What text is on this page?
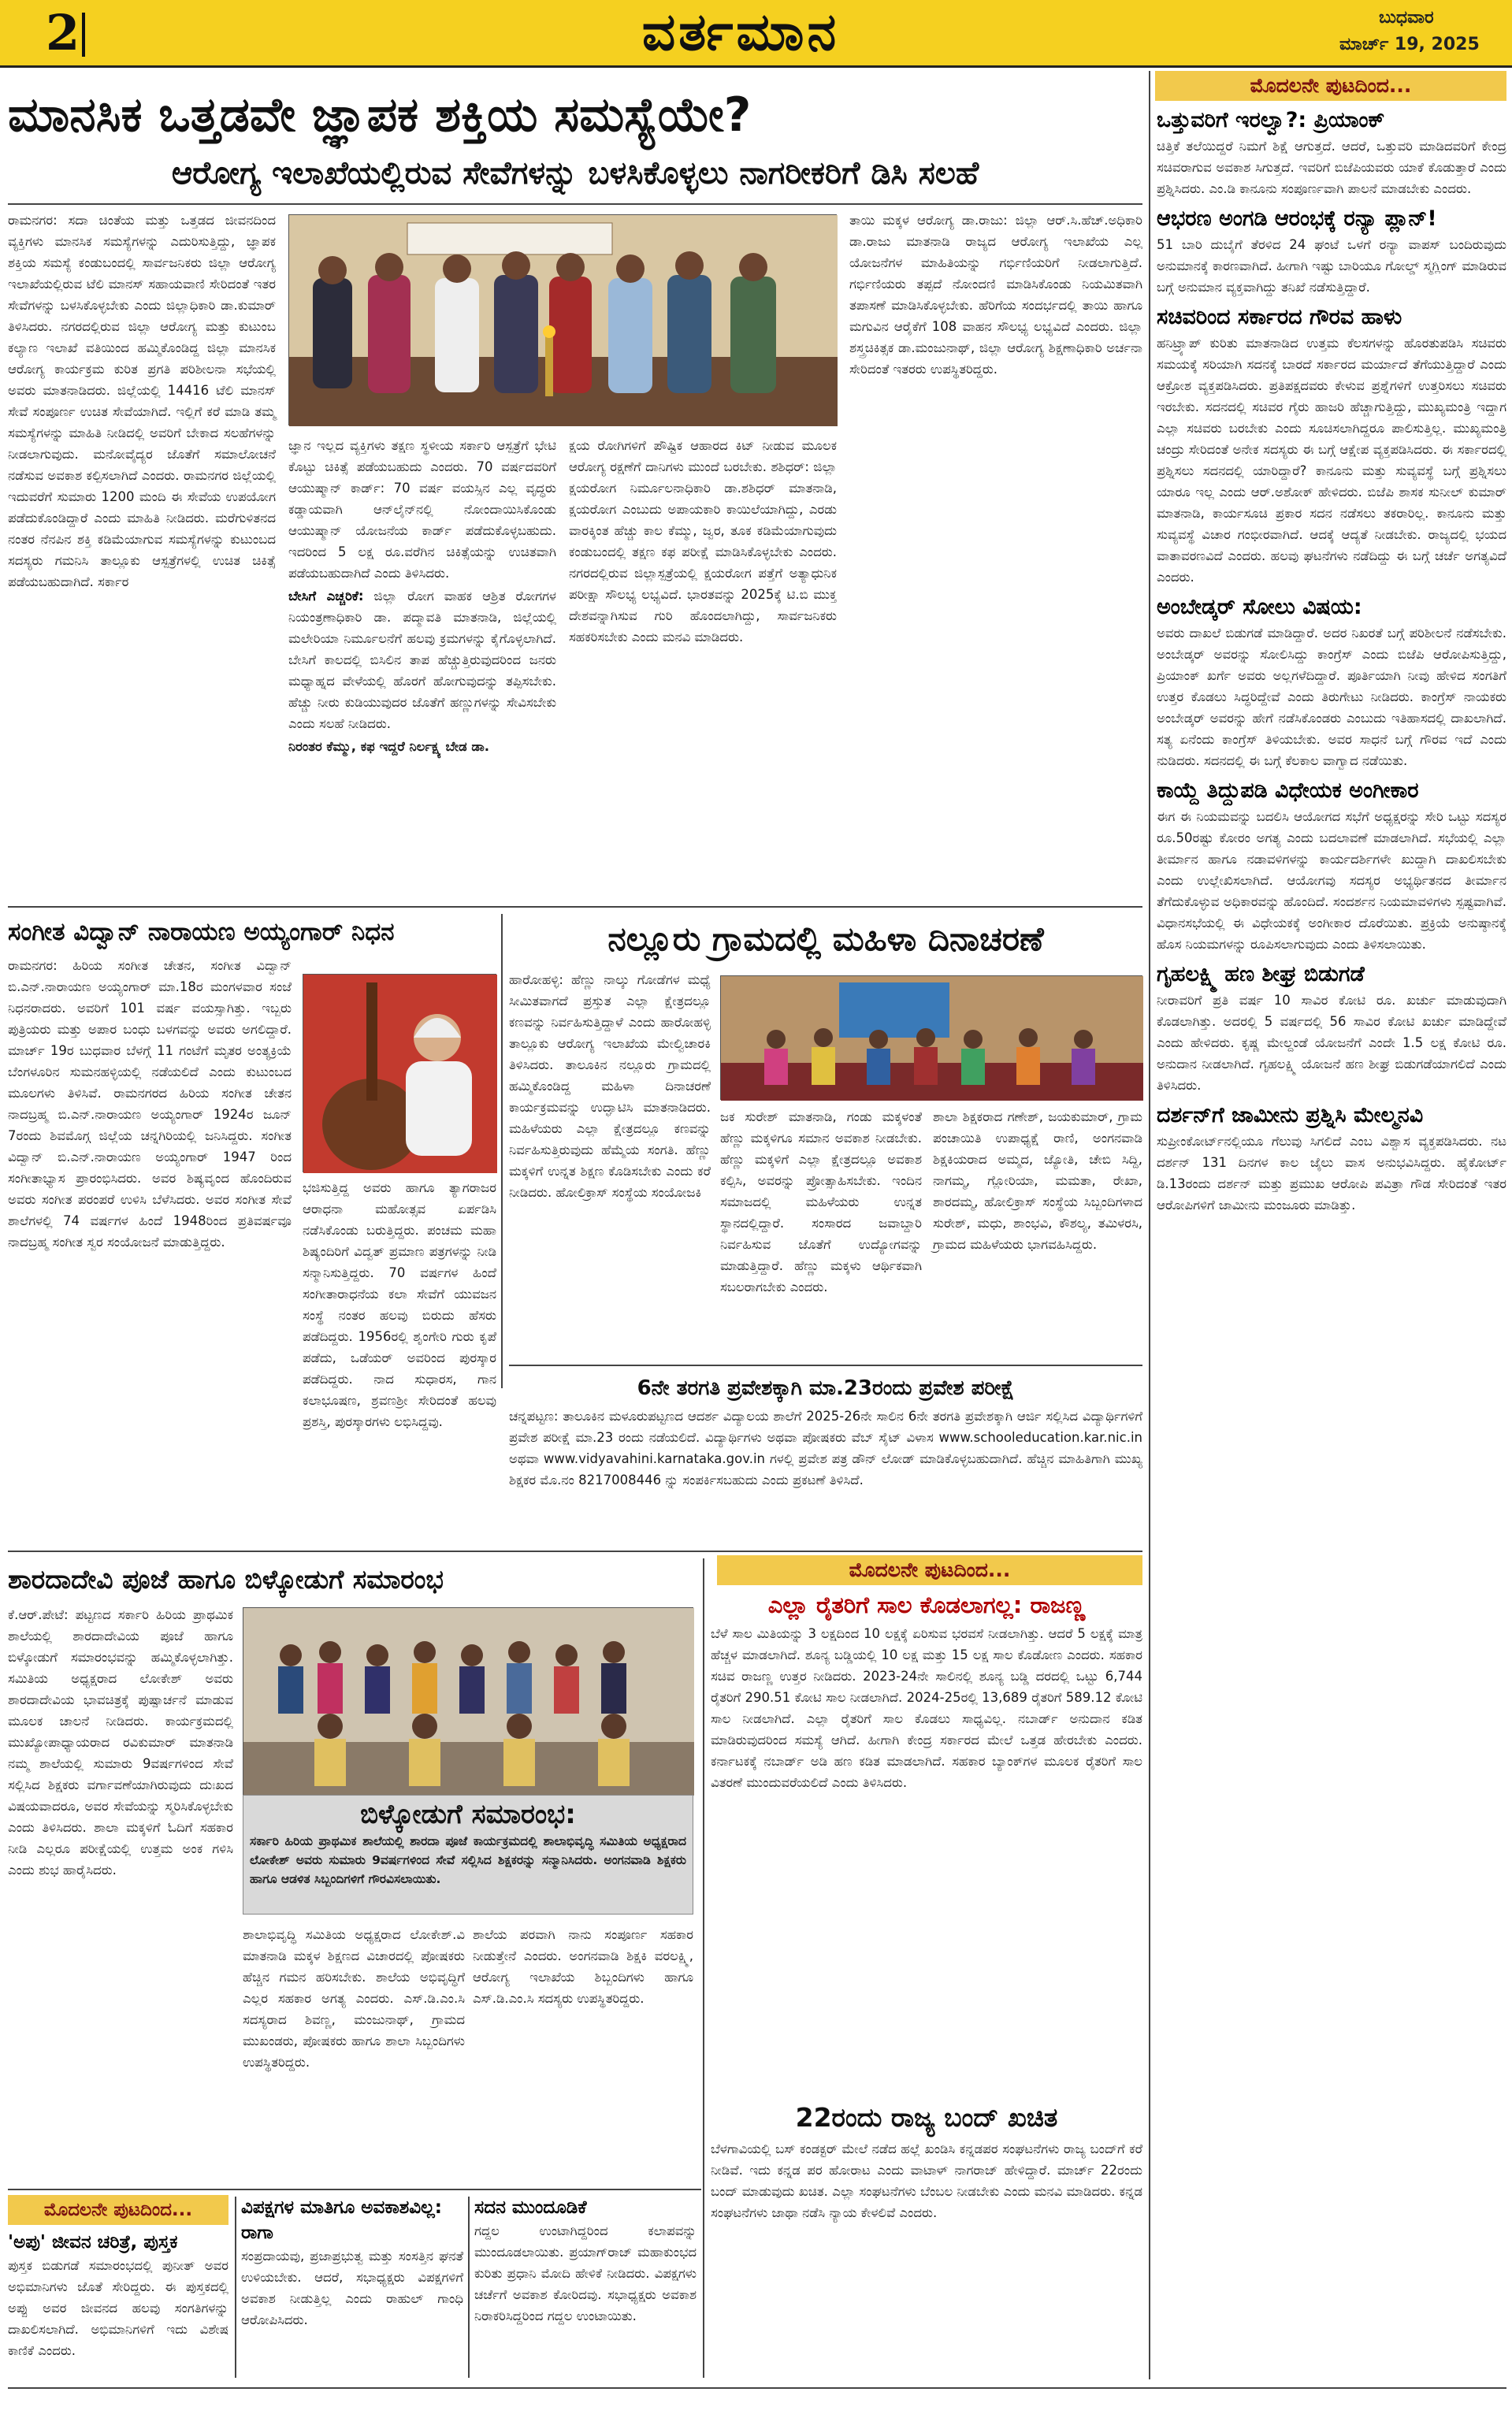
2	ವರ್ತಮಾನ	ಬುಧವಾರ
ಮಾರ್ಚ್ 19, 2025
ಮಾನಸಿಕ ಒತ್ತಡವೇ ಜ್ಞಾಪಕ ಶಕ್ತಿಯ ಸಮಸ್ಯೆಯೇ?
ಆರೋಗ್ಯ ಇಲಾಖೆಯಲ್ಲಿರುವ ಸೇವೆಗಳನ್ನು ಬಳಸಿಕೊಳ್ಳಲು ನಾಗರೀಕರಿಗೆ ಡಿಸಿ ಸಲಹೆ

ರಾಮನಗರ: ಸದಾ ಚಿಂತೆಯ ಮತ್ತು ಒತ್ತಡದ ಜೀವನದಿಂದ ವ್ಯಕ್ತಿಗಳು ಮಾನಸಿಕ ಸಮಸ್ಯೆಗಳನ್ನು ಎದುರಿಸುತ್ತಿದ್ದು, ಜ್ಞಾಪಕ ಶಕ್ತಿಯ ಸಮಸ್ಯೆ ಕಂಡುಬಂದಲ್ಲಿ ಸಾರ್ವಜನಿಕರು ಜಿಲ್ಲಾ ಆರೋಗ್ಯ ಇಲಾಖೆಯಲ್ಲಿರುವ ಟೆಲಿ ಮಾನಸ್ ಸಹಾಯವಾಣಿ ಸೇರಿದಂತೆ ಇತರ ಸೇವೆಗಳನ್ನು ಬಳಸಿಕೊಳ್ಳಬೇಕು ಎಂದು ಜಿಲ್ಲಾಧಿಕಾರಿ ಡಾ.ಕುಮಾರ್ ತಿಳಿಸಿದರು. ನಗರದಲ್ಲಿರುವ ಜಿಲ್ಲಾ ಆರೋಗ್ಯ ಮತ್ತು ಕುಟುಂಬ ಕಲ್ಯಾಣ ಇಲಾಖೆ ವತಿಯಿಂದ ಹಮ್ಮಿಕೊಂಡಿದ್ದ ಜಿಲ್ಲಾ ಮಾನಸಿಕ ಆರೋಗ್ಯ ಕಾರ್ಯಕ್ರಮ ಕುರಿತ ಪ್ರಗತಿ ಪರಿಶೀಲನಾ ಸಭೆಯಲ್ಲಿ ಅವರು ಮಾತನಾಡಿದರು. ಜಿಲ್ಲೆಯಲ್ಲಿ 14416 ಟೆಲಿ ಮಾನಸ್ ಸೇವೆ ಸಂಪೂರ್ಣ ಉಚಿತ ಸೇವೆಯಾಗಿದೆ. ಇಲ್ಲಿಗೆ ಕರೆ ಮಾಡಿ ತಮ್ಮ ಸಮಸ್ಯೆಗಳನ್ನು ಮಾಹಿತಿ ನೀಡಿದಲ್ಲಿ ಅವರಿಗೆ ಬೇಕಾದ ಸಲಹೆಗಳನ್ನು ನೀಡಲಾಗುವುದು. ಮನೋವೈದ್ಯರ ಜೊತೆಗೆ ಸಮಾಲೋಚನೆ ನಡೆಸುವ ಅವಕಾಶ ಕಲ್ಪಿಸಲಾಗಿದೆ ಎಂದರು. ರಾಮನಗರ ಜಿಲ್ಲೆಯಲ್ಲಿ ಇದುವರೆಗೆ ಸುಮಾರು 1200 ಮಂದಿ ಈ ಸೇವೆಯ ಉಪಯೋಗ ಪಡೆದುಕೊಂಡಿದ್ದಾರೆ ಎಂದು ಮಾಹಿತಿ ನೀಡಿದರು. ಮರೆಗುಳಿತನದ ನಂತರ ನೆನಪಿನ ಶಕ್ತಿ ಕಡಿಮೆಯಾಗುವ ಸಮಸ್ಯೆಗಳನ್ನು ಕುಟುಂಬದ ಸದಸ್ಯರು ಗಮನಿಸಿ ತಾಲ್ಲೂಕು ಆಸ್ಪತ್ರೆಗಳಲ್ಲಿ ಉಚಿತ ಚಿಕಿತ್ಸೆ ಪಡೆಯಬಹುದಾಗಿದೆ. ಸರ್ಕಾರ

ಜ್ಞಾನ ಇಲ್ಲದ ವ್ಯಕ್ತಿಗಳು ತಕ್ಷಣ ಸ್ಥಳೀಯ ಸರ್ಕಾರಿ ಆಸ್ಪತ್ರೆಗೆ ಭೇಟಿ ಕೊಟ್ಟು ಚಿಕಿತ್ಸೆ ಪಡೆಯಬಹುದು ಎಂದರು. 70 ವರ್ಷದವರಿಗೆ ಆಯುಷ್ಮಾನ್ ಕಾರ್ಡ್: 70 ವರ್ಷ ವಯಸ್ಸಿನ ಎಲ್ಲ ವೃದ್ಧರು ಕಡ್ಡಾಯವಾಗಿ ಆನ್‌ಲೈನ್‌ನಲ್ಲಿ ನೋಂದಾಯಿಸಿಕೊಂಡು ಆಯುಷ್ಮಾನ್ ಯೋಜನೆಯ ಕಾರ್ಡ್ ಪಡೆದುಕೊಳ್ಳಬಹುದು. ಇದರಿಂದ 5 ಲಕ್ಷ ರೂ.ವರೆಗಿನ ಚಿಕಿತ್ಸೆಯನ್ನು ಉಚಿತವಾಗಿ ಪಡೆಯಬಹುದಾಗಿದೆ ಎಂದು ತಿಳಿಸಿದರು.

ಬೇಸಿಗೆ ಎಚ್ಚರಿಕೆ: ಜಿಲ್ಲಾ ರೋಗ ವಾಹಕ ಆಶ್ರಿತ ರೋಗಗಳ ನಿಯಂತ್ರಣಾಧಿಕಾರಿ ಡಾ. ಪದ್ಮಾವತಿ ಮಾತನಾಡಿ, ಜಿಲ್ಲೆಯಲ್ಲಿ ಮಲೇರಿಯಾ ನಿರ್ಮೂಲನೆಗೆ ಹಲವು ಕ್ರಮಗಳನ್ನು ಕೈಗೊಳ್ಳಲಾಗಿದೆ. ಬೇಸಿಗೆ ಕಾಲದಲ್ಲಿ ಬಿಸಿಲಿನ ತಾಪ ಹೆಚ್ಚುತ್ತಿರುವುದರಿಂದ ಜನರು ಮಧ್ಯಾಹ್ನದ ವೇಳೆಯಲ್ಲಿ ಹೊರಗೆ ಹೋಗುವುದನ್ನು ತಪ್ಪಿಸಬೇಕು. ಹೆಚ್ಚು ನೀರು ಕುಡಿಯುವುದರ ಜೊತೆಗೆ ಹಣ್ಣುಗಳನ್ನು ಸೇವಿಸಬೇಕು ಎಂದು ಸಲಹೆ ನೀಡಿದರು.

ನಿರಂತರ ಕೆಮ್ಮು, ಕಫ ಇದ್ದರೆ ನಿರ್ಲಕ್ಷ್ಯ ಬೇಡ ಡಾ.

ಕ್ಷಯ ರೋಗಿಗಳಿಗೆ ಪೌಷ್ಟಿಕ ಆಹಾರದ ಕಿಟ್ ನೀಡುವ ಮೂಲಕ ಆರೋಗ್ಯ ರಕ್ಷಣೆಗೆ ದಾನಿಗಳು ಮುಂದೆ ಬರಬೇಕು. ಶಶಿಧರ್: ಜಿಲ್ಲಾ ಕ್ಷಯರೋಗ ನಿರ್ಮೂಲನಾಧಿಕಾರಿ ಡಾ.ಶಶಿಧರ್ ಮಾತನಾಡಿ, ಕ್ಷಯರೋಗ ಎಂಬುದು ಅಪಾಯಕಾರಿ ಕಾಯಿಲೆಯಾಗಿದ್ದು, ಎರಡು ವಾರಕ್ಕಿಂತ ಹೆಚ್ಚು ಕಾಲ ಕೆಮ್ಮು, ಜ್ವರ, ತೂಕ ಕಡಿಮೆಯಾಗುವುದು ಕಂಡುಬಂದಲ್ಲಿ ತಕ್ಷಣ ಕಫ ಪರೀಕ್ಷೆ ಮಾಡಿಸಿಕೊಳ್ಳಬೇಕು ಎಂದರು. ನಗರದಲ್ಲಿರುವ ಜಿಲ್ಲಾಸ್ಪತ್ರೆಯಲ್ಲಿ ಕ್ಷಯರೋಗ ಪತ್ತೆಗೆ ಅತ್ಯಾಧುನಿಕ ಪರೀಕ್ಷಾ ಸೌಲಭ್ಯ ಲಭ್ಯವಿದೆ. ಭಾರತವನ್ನು 2025ಕ್ಕೆ ಟಿ.ಬಿ ಮುಕ್ತ ದೇಶವನ್ನಾಗಿಸುವ ಗುರಿ ಹೊಂದಲಾಗಿದ್ದು, ಸಾರ್ವಜನಿಕರು ಸಹಕರಿಸಬೇಕು ಎಂದು ಮನವಿ ಮಾಡಿದರು.

ತಾಯಿ ಮಕ್ಕಳ ಆರೋಗ್ಯ ಡಾ.ರಾಜು: ಜಿಲ್ಲಾ ಆರ್.ಸಿ.ಹೆಚ್.ಅಧಿಕಾರಿ ಡಾ.ರಾಜು ಮಾತನಾಡಿ ರಾಜ್ಯದ ಆರೋಗ್ಯ ಇಲಾಖೆಯ ಎಲ್ಲ ಯೋಜನೆಗಳ ಮಾಹಿತಿಯನ್ನು ಗರ್ಭಿಣಿಯರಿಗೆ ನೀಡಲಾಗುತ್ತಿದೆ. ಗರ್ಭಿಣಿಯರು ತಪ್ಪದೆ ನೋಂದಣಿ ಮಾಡಿಸಿಕೊಂಡು ನಿಯಮಿತವಾಗಿ ತಪಾಸಣೆ ಮಾಡಿಸಿಕೊಳ್ಳಬೇಕು. ಹೆರಿಗೆಯ ಸಂದರ್ಭದಲ್ಲಿ ತಾಯಿ ಹಾಗೂ ಮಗುವಿನ ಆರೈಕೆಗೆ 108 ವಾಹನ ಸೌಲಭ್ಯ ಲಭ್ಯವಿದೆ ಎಂದರು. ಜಿಲ್ಲಾ ಶಸ್ತ್ರಚಿಕಿತ್ಸಕ ಡಾ.ಮಂಜುನಾಥ್, ಜಿಲ್ಲಾ ಆರೋಗ್ಯ ಶಿಕ್ಷಣಾಧಿಕಾರಿ ಅರ್ಚನಾ ಸೇರಿದಂತೆ ಇತರರು ಉಪಸ್ಥಿತರಿದ್ದರು.

ಮೊದಲನೇ ಪುಟದಿಂದ...
ಒತ್ತುವರಿಗೆ ಇರಲ್ವಾ?: ಪ್ರಿಯಾಂಕ್

ಚಿತ್ತಿಕೆ ತಲೆಯಿದ್ದರೆ ನಿಮಗೆ ಶಿಕ್ಷೆ ಆಗುತ್ತದೆ. ಆದರೆ, ಒತ್ತುವರಿ ಮಾಡಿದವರಿಗೆ ಕೇಂದ್ರ ಸಚಿವರಾಗುವ ಅವಕಾಶ ಸಿಗುತ್ತದೆ. ಇವರಿಗೆ ಬಿಜೆಪಿಯವರು ಯಾಕೆ ಕೊಡುತ್ತಾರೆ ಎಂದು ಪ್ರಶ್ನಿಸಿದರು. ಎಂ.ಡಿ ಕಾನೂನು ಸಂಪೂರ್ಣವಾಗಿ ಪಾಲನೆ ಮಾಡಬೇಕು ಎಂದರು.

ಆಭರಣ ಅಂಗಡಿ ಆರಂಭಕ್ಕೆ ರನ್ಯಾ ಪ್ಲಾನ್!

51 ಬಾರಿ ದುಬೈಗೆ ತೆರಳಿದ 24 ಘಂಟೆ ಒಳಗೆ ರನ್ಯಾ ವಾಪಸ್ ಬಂದಿರುವುದು ಅನುಮಾನಕ್ಕೆ ಕಾರಣವಾಗಿದೆ. ಹೀಗಾಗಿ ಇಷ್ಟು ಬಾರಿಯೂ ಗೋಲ್ಡ್ ಸ್ಮಗ್ಲಿಂಗ್ ಮಾಡಿರುವ ಬಗ್ಗೆ ಅನುಮಾನ ವ್ಯಕ್ತವಾಗಿದ್ದು ತನಿಖೆ ನಡೆಸುತ್ತಿದ್ದಾರೆ.

ಸಚಿವರಿಂದ ಸರ್ಕಾರದ ಗೌರವ ಹಾಳು

ಹನಿಟ್ರ್ಯಾಪ್ ಕುರಿತು ಮಾತನಾಡಿದ ಉತ್ತಮ ಕೆಲಸಗಳನ್ನು ಹೊರತುಪಡಿಸಿ ಸಚಿವರು ಸಮಯಕ್ಕೆ ಸರಿಯಾಗಿ ಸದನಕ್ಕೆ ಬಾರದೆ ಸರ್ಕಾರದ ಮರ್ಯಾದೆ ತೆಗೆಯುತ್ತಿದ್ದಾರೆ ಎಂದು ಆಕ್ರೋಶ ವ್ಯಕ್ತಪಡಿಸಿದರು. ಪ್ರತಿಪಕ್ಷದವರು ಕೇಳುವ ಪ್ರಶ್ನೆಗಳಿಗೆ ಉತ್ತರಿಸಲು ಸಚಿವರು ಇರಬೇಕು. ಸದನದಲ್ಲಿ ಸಚಿವರ ಗೈರು ಹಾಜರಿ ಹೆಚ್ಚಾಗುತ್ತಿದ್ದು, ಮುಖ್ಯಮಂತ್ರಿ ಇದ್ದಾಗ ಎಲ್ಲಾ ಸಚಿವರು ಬರಬೇಕು ಎಂದು ಸೂಚಿಸಲಾಗಿದ್ದರೂ ಪಾಲಿಸುತ್ತಿಲ್ಲ. ಮುಖ್ಯಮಂತ್ರಿ ಚಂದ್ರು ಸೇರಿದಂತೆ ಅನೇಕ ಸದಸ್ಯರು ಈ ಬಗ್ಗೆ ಆಕ್ಷೇಪ ವ್ಯಕ್ತಪಡಿಸಿದರು. ಈ ಸರ್ಕಾರದಲ್ಲಿ ಪ್ರಶ್ನಿಸಲು ಸದನದಲ್ಲಿ ಯಾರಿದ್ದಾರೆ? ಕಾನೂನು ಮತ್ತು ಸುವ್ಯವಸ್ಥೆ ಬಗ್ಗೆ ಪ್ರಶ್ನಿಸಲು ಯಾರೂ ಇಲ್ಲ ಎಂದು ಆರ್.ಅಶೋಕ್ ಹೇಳಿದರು. ಬಿಜೆಪಿ ಶಾಸಕ ಸುನೀಲ್ ಕುಮಾರ್ ಮಾತನಾಡಿ, ಕಾರ್ಯಸೂಚಿ ಪ್ರಕಾರ ಸದನ ನಡೆಸಲು ತಕರಾರಿಲ್ಲ. ಕಾನೂನು ಮತ್ತು ಸುವ್ಯವಸ್ಥೆ ವಿಚಾರ ಗಂಭೀರವಾಗಿದೆ. ಆದಕ್ಕೆ ಆದ್ಯತೆ ನೀಡಬೇಕು. ರಾಜ್ಯದಲ್ಲಿ ಭಯದ ವಾತಾವರಣವಿದೆ ಎಂದರು. ಹಲವು ಘಟನೆಗಳು ನಡೆದಿದ್ದು ಈ ಬಗ್ಗೆ ಚರ್ಚೆ ಅಗತ್ಯವಿದೆ ಎಂದರು.

ಅಂಬೇಡ್ಕರ್ ಸೋಲು ವಿಷಯ:

ಅವರು ದಾಖಲೆ ಬಿಡುಗಡೆ ಮಾಡಿದ್ದಾರೆ. ಅದರ ನಿಖರತೆ ಬಗ್ಗೆ ಪರಿಶೀಲನೆ ನಡೆಸಬೇಕು. ಅಂಬೇಡ್ಕರ್ ಅವರನ್ನು ಸೋಲಿಸಿದ್ದು ಕಾಂಗ್ರೆಸ್ ಎಂದು ಬಿಜೆಪಿ ಆರೋಪಿಸುತ್ತಿದ್ದು, ಪ್ರಿಯಾಂಕ್ ಖರ್ಗೆ ಅವರು ಅಲ್ಲಗಳೆದಿದ್ದಾರೆ. ಪೂರ್ತಿಯಾಗಿ ನೀವು ಹೇಳಿದ ಸಂಗತಿಗೆ ಉತ್ತರ ಕೊಡಲು ಸಿದ್ಧರಿದ್ದೇವೆ ಎಂದು ತಿರುಗೇಟು ನೀಡಿದರು. ಕಾಂಗ್ರೆಸ್ ನಾಯಕರು ಅಂಬೇಡ್ಕರ್ ಅವರನ್ನು ಹೇಗೆ ನಡೆಸಿಕೊಂಡರು ಎಂಬುದು ಇತಿಹಾಸದಲ್ಲಿ ದಾಖಲಾಗಿದೆ. ಸತ್ಯ ಏನೆಂದು ಕಾಂಗ್ರೆಸ್ ತಿಳಿಯಬೇಕು. ಅವರ ಸಾಧನೆ ಬಗ್ಗೆ ಗೌರವ ಇದೆ ಎಂದು ನುಡಿದರು. ಸದನದಲ್ಲಿ ಈ ಬಗ್ಗೆ ಕೆಲಕಾಲ ವಾಗ್ವಾದ ನಡೆಯಿತು.

ಕಾಯ್ದೆ ತಿದ್ದುಪಡಿ ವಿಧೇಯಕ ಅಂಗೀಕಾರ

ಈಗ ಈ ನಿಯಮವನ್ನು ಬದಲಿಸಿ ಆಯೋಗದ ಸಭೆಗೆ ಅಧ್ಯಕ್ಷರನ್ನು ಸೇರಿ ಒಟ್ಟು ಸದಸ್ಯರ ರೂ.50ರಷ್ಟು ಕೋರಂ ಅಗತ್ಯ ಎಂದು ಬದಲಾವಣೆ ಮಾಡಲಾಗಿದೆ. ಸಭೆಯಲ್ಲಿ ಎಲ್ಲಾ ತೀರ್ಮಾನ ಹಾಗೂ ನಡಾವಳಿಗಳನ್ನು ಕಾರ್ಯದರ್ಶಿಗಳೇ ಖುದ್ದಾಗಿ ದಾಖಲಿಸಬೇಕು ಎಂದು ಉಲ್ಲೇಖಿಸಲಾಗಿದೆ. ಆಯೋಗವು ಸದಸ್ಯರ ಅಭ್ಯರ್ಥಿತನದ ತೀರ್ಮಾನ ತೆಗೆದುಕೊಳ್ಳುವ ಅಧಿಕಾರವನ್ನು ಹೊಂದಿದೆ. ಸಂದರ್ಶನ ನಿಯಮಾವಳಿಗಳು ಸ್ಪಷ್ಟವಾಗಿವೆ. ವಿಧಾನಸಭೆಯಲ್ಲಿ ಈ ವಿಧೇಯಕಕ್ಕೆ ಅಂಗೀಕಾರ ದೊರೆಯಿತು. ಪ್ರಕ್ರಿಯೆ ಅನುಷ್ಠಾನಕ್ಕೆ ಹೊಸ ನಿಯಮಗಳನ್ನು ರೂಪಿಸಲಾಗುವುದು ಎಂದು ತಿಳಿಸಲಾಯಿತು.

ಗೃಹಲಕ್ಷ್ಮಿ ಹಣ ಶೀಘ್ರ ಬಿಡುಗಡೆ

ನೀರಾವರಿಗೆ ಪ್ರತಿ ವರ್ಷ 10 ಸಾವಿರ ಕೋಟಿ ರೂ. ಖರ್ಚು ಮಾಡುವುದಾಗಿ ಕೊಡಲಾಗಿತ್ತು. ಅದರಲ್ಲಿ 5 ವರ್ಷದಲ್ಲಿ 56 ಸಾವಿರ ಕೋಟಿ ಖರ್ಚು ಮಾಡಿದ್ದೇವೆ ಎಂದು ಹೇಳಿದರು. ಕೃಷ್ಣ ಮೇಲ್ದಂಡೆ ಯೋಜನೆಗೆ ಎಂದೇ 1.5 ಲಕ್ಷ ಕೋಟಿ ರೂ. ಅನುದಾನ ನೀಡಲಾಗಿದೆ. ಗೃಹಲಕ್ಷ್ಮಿ ಯೋಜನೆ ಹಣ ಶೀಘ್ರ ಬಿಡುಗಡೆಯಾಗಲಿದೆ ಎಂದು ತಿಳಿಸಿದರು.

ದರ್ಶನ್‌ಗೆ ಜಾಮೀನು ಪ್ರಶ್ನಿಸಿ ಮೇಲ್ಮನವಿ

ಸುಪ್ರೀಂಕೋರ್ಟ್‌ನಲ್ಲಿಯೂ ಗೆಲುವು ಸಿಗಲಿದೆ ಎಂಬ ವಿಶ್ವಾಸ ವ್ಯಕ್ತಪಡಿಸಿದರು. ನಟ ದರ್ಶನ್ 131 ದಿನಗಳ ಕಾಲ ಜೈಲು ವಾಸ ಅನುಭವಿಸಿದ್ದರು. ಹೈಕೋರ್ಟ್ ಡಿ.13ರಂದು ದರ್ಶನ್ ಮತ್ತು ಪ್ರಮುಖ ಆರೋಪಿ ಪವಿತ್ರಾ ಗೌಡ ಸೇರಿದಂತೆ ಇತರ ಆರೋಪಿಗಳಿಗೆ ಜಾಮೀನು ಮಂಜೂರು ಮಾಡಿತ್ತು.

ಸಂಗೀತ ವಿದ್ವಾನ್ ನಾರಾಯಣ ಅಯ್ಯಂಗಾರ್ ನಿಧನ

ರಾಮನಗರ: ಹಿರಿಯ ಸಂಗೀತ ಚೇತನ, ಸಂಗೀತ ವಿದ್ವಾನ್ ಬಿ.ಎನ್.ನಾರಾಯಣ ಅಯ್ಯಂಗಾರ್ ಮಾ.18ರ ಮಂಗಳವಾರ ಸಂಜೆ ನಿಧನರಾದರು. ಅವರಿಗೆ 101 ವರ್ಷ ವಯಸ್ಸಾಗಿತ್ತು. ಇಬ್ಬರು ಪುತ್ರಿಯರು ಮತ್ತು ಅಪಾರ ಬಂಧು ಬಳಗವನ್ನು ಅವರು ಅಗಲಿದ್ದಾರೆ. ಮಾರ್ಚ್ 19ರ ಬುಧವಾರ ಬೆಳಗ್ಗೆ 11 ಗಂಟೆಗೆ ಮೃತರ ಅಂತ್ಯಕ್ರಿಯೆ ಬೆಂಗಳೂರಿನ ಸುಮನಹಳ್ಳಿಯಲ್ಲಿ ನಡೆಯಲಿದೆ ಎಂದು ಕುಟುಂಬದ ಮೂಲಗಳು ತಿಳಿಸಿವೆ. ರಾಮನಗರದ ಹಿರಿಯ ಸಂಗೀತ ಚೇತನ ನಾದಬ್ರಹ್ಮ ಬಿ.ಎನ್.ನಾರಾಯಣ ಅಯ್ಯಂಗಾರ್ 1924ರ ಜೂನ್ 7ರಂದು ಶಿವಮೊಗ್ಗ ಜಿಲ್ಲೆಯ ಚನ್ನಗಿರಿಯಲ್ಲಿ ಜನಿಸಿದ್ದರು. ಸಂಗೀತ ವಿದ್ವಾನ್ ಬಿ.ಎನ್.ನಾರಾಯಣ ಅಯ್ಯಂಗಾರ್ 1947 ರಿಂದ ಸಂಗೀತಾಭ್ಯಾಸ ಪ್ರಾರಂಭಿಸಿದರು. ಅವರ ಶಿಷ್ಯವೃಂದ ಹೊಂದಿರುವ ಅವರು ಸಂಗೀತ ಪರಂಪರೆ ಉಳಿಸಿ ಬೆಳೆಸಿದರು. ಅವರ ಸಂಗೀತ ಸೇವೆ ಶಾಲೆಗಳಲ್ಲಿ 74 ವರ್ಷಗಳ ಹಿಂದೆ 1948ರಿಂದ ಪ್ರತಿವರ್ಷವೂ ನಾದಬ್ರಹ್ಮ ಸಂಗೀತ ಸ್ವರ ಸಂಯೋಜನೆ ಮಾಡುತ್ತಿದ್ದರು.

ಭಜಿಸುತ್ತಿದ್ದ ಅವರು ಹಾಗೂ ತ್ಯಾಗರಾಜರ ಆರಾಧನಾ ಮಹೋತ್ಸವ ಏರ್ಪಡಿಸಿ ನಡೆಸಿಕೊಂಡು ಬರುತ್ತಿದ್ದರು. ಪಂಚಮ ಮಹಾ ಶಿಷ್ಯಂದಿರಿಗೆ ವಿದ್ವತ್ ಪ್ರಮಾಣ ಪತ್ರಗಳನ್ನು ನೀಡಿ ಸನ್ಮಾನಿಸುತ್ತಿದ್ದರು. 70 ವರ್ಷಗಳ ಹಿಂದೆ ಸಂಗೀತಾರಾಧನೆಯ ಕಲಾ ಸೇವೆಗೆ ಯುವಜನ ಸಂಸ್ಥೆ ನಂತರ ಹಲವು ಬಿರುದು ಹೆಸರು ಪಡೆದಿದ್ದರು. 1956ರಲ್ಲಿ ಶೃಂಗೇರಿ ಗುರು ಕೃಪೆ ಪಡೆದು, ಒಡೆಯರ್ ಅವರಿಂದ ಪುರಸ್ಕಾರ ಪಡೆದಿದ್ದರು. ನಾದ ಸುಧಾರಸ, ಗಾನ ಕಲಾಭೂಷಣ, ಶ್ರವಣಶ್ರೀ ಸೇರಿದಂತೆ ಹಲವು ಪ್ರಶಸ್ತಿ, ಪುರಸ್ಕಾರಗಳು ಲಭಿಸಿದ್ದವು.

ನಲ್ಲೂರು ಗ್ರಾಮದಲ್ಲಿ ಮಹಿಳಾ ದಿನಾಚರಣೆ

ಹಾರೋಹಳ್ಳಿ: ಹೆಣ್ಣು ನಾಲ್ಕು ಗೋಡೆಗಳ ಮಧ್ಯೆ ಸೀಮಿತವಾಗದೆ ಪ್ರಸ್ತುತ ಎಲ್ಲಾ ಕ್ಷೇತ್ರದಲ್ಲೂ ಕಣವನ್ನು ನಿರ್ವಹಿಸುತ್ತಿದ್ದಾಳೆ ಎಂದು ಹಾರೋಹಳ್ಳಿ ತಾಲ್ಲೂಕು ಆರೋಗ್ಯ ಇಲಾಖೆಯ ಮೇಲ್ವಿಚಾರಕಿ ತಿಳಿಸಿದರು. ತಾಲೂಕಿನ ನಲ್ಲೂರು ಗ್ರಾಮದಲ್ಲಿ ಹಮ್ಮಿಕೊಂಡಿದ್ದ ಮಹಿಳಾ ದಿನಾಚರಣೆ ಕಾರ್ಯಕ್ರಮವನ್ನು ಉದ್ಘಾಟಿಸಿ ಮಾತನಾಡಿದರು. ಮಹಿಳೆಯರು ಎಲ್ಲಾ ಕ್ಷೇತ್ರದಲ್ಲೂ ಕಣವನ್ನು ನಿರ್ವಹಿಸುತ್ತಿರುವುದು ಹೆಮ್ಮೆಯ ಸಂಗತಿ. ಹೆಣ್ಣು ಮಕ್ಕಳಿಗೆ ಉನ್ನತ ಶಿಕ್ಷಣ ಕೊಡಿಸಬೇಕು ಎಂದು ಕರೆ ನೀಡಿದರು. ಹೋಲಿಕ್ರಾಸ್ ಸಂಸ್ಥೆಯ ಸಂಯೋಜಕಿ

ಜಕ ಸುರೇಶ್ ಮಾತನಾಡಿ, ಗಂಡು ಮಕ್ಕಳಂತೆ ಹೆಣ್ಣು ಮಕ್ಕಳಿಗೂ ಸಮಾನ ಅವಕಾಶ ನೀಡಬೇಕು. ಹೆಣ್ಣು ಮಕ್ಕಳಿಗೆ ಎಲ್ಲಾ ಕ್ಷೇತ್ರದಲ್ಲೂ ಅವಕಾಶ ಕಲ್ಪಿಸಿ, ಅವರನ್ನು ಪ್ರೋತ್ಸಾಹಿಸಬೇಕು. ಇಂದಿನ ಸಮಾಜದಲ್ಲಿ ಮಹಿಳೆಯರು ಉನ್ನತ ಸ್ಥಾನದಲ್ಲಿದ್ದಾರೆ. ಸಂಸಾರದ ಜವಾಬ್ದಾರಿ ನಿರ್ವಹಿಸುವ ಜೊತೆಗೆ ಉದ್ಯೋಗವನ್ನು ಮಾಡುತ್ತಿದ್ದಾರೆ. ಹೆಣ್ಣು ಮಕ್ಕಳು ಆರ್ಥಿಕವಾಗಿ ಸಬಲರಾಗಬೇಕು ಎಂದರು.

ಶಾಲಾ ಶಿಕ್ಷಕರಾದ ಗಣೇಶ್, ಜಯಕುಮಾರ್, ಗ್ರಾಮ ಪಂಚಾಯಿತಿ ಉಪಾಧ್ಯಕ್ಷೆ ರಾಣಿ, ಅಂಗನವಾಡಿ ಶಿಕ್ಷಕಿಯರಾದ ಅಮ್ಮದ, ಜ್ಯೋತಿ, ಚೇಬಿ ಸಿದ್ದಿ, ನಾಗಮ್ಮ, ಗ್ಲೋರಿಯಾ, ಮಮತಾ, ರೇಖಾ, ಶಾರದಮ್ಮ, ಹೋಲಿಕ್ರಾಸ್ ಸಂಸ್ಥೆಯ ಸಿಬ್ಬಂದಿಗಳಾದ ಸುರೇಶ್, ಮಧು, ಶಾಂಭವಿ, ಕೌಶಲ್ಯ, ತಮಿಳರಸಿ, ಗ್ರಾಮದ ಮಹಿಳೆಯರು ಭಾಗವಹಿಸಿದ್ದರು.

6ನೇ ತರಗತಿ ಪ್ರವೇಶಕ್ಕಾಗಿ ಮಾ.23ರಂದು ಪ್ರವೇಶ ಪರೀಕ್ಷೆ

ಚನ್ನಪಟ್ಟಣ: ತಾಲೂಕಿನ ಮಳೂರುಪಟ್ಟಣದ ಆದರ್ಶ ವಿದ್ಯಾಲಯ ಶಾಲೆಗೆ 2025-26ನೇ ಸಾಲಿನ 6ನೇ ತರಗತಿ ಪ್ರವೇಶಕ್ಕಾಗಿ ಆರ್ಜಿ ಸಲ್ಲಿಸಿದ ವಿದ್ಯಾರ್ಥಿಗಳಿಗೆ ಪ್ರವೇಶ ಪರೀಕ್ಷೆ ಮಾ.23 ರಂದು ನಡೆಯಲಿದೆ. ವಿದ್ಯಾರ್ಥಿಗಳು ಅಥವಾ ಪೋಷಕರು ವೆಬ್ ಸೈಟ್ ವಿಳಾಸ www.schooleducation.kar.nic.in ಅಥವಾ www.vidyavahini.karnataka.gov.in ಗಳಲ್ಲಿ ಪ್ರವೇಶ ಪತ್ರ ಡೌನ್ ಲೋಡ್ ಮಾಡಿಕೊಳ್ಳಬಹುದಾಗಿದೆ. ಹೆಚ್ಚಿನ ಮಾಹಿತಿಗಾಗಿ ಮುಖ್ಯ ಶಿಕ್ಷಕರ ಮೊ.ನಂ 8217008446 ನ್ನು ಸಂಪರ್ಕಿಸಬಹುದು ಎಂದು ಪ್ರಕಟಣೆ ತಿಳಿಸಿದೆ.

ಶಾರದಾದೇವಿ ಪೂಜೆ ಹಾಗೂ ಬಿಳ್ಕೋಡುಗೆ ಸಮಾರಂಭ

ಕೆ.ಆರ್.ಪೇಟೆ: ಪಟ್ಟಣದ ಸರ್ಕಾರಿ ಹಿರಿಯ ಪ್ರಾಥಮಿಕ ಶಾಲೆಯಲ್ಲಿ ಶಾರದಾದೇವಿಯ ಪೂಜೆ ಹಾಗೂ ಬಿಳ್ಕೋಡುಗೆ ಸಮಾರಂಭವನ್ನು ಹಮ್ಮಿಕೊಳ್ಳಲಾಗಿತ್ತು. ಸಮಿತಿಯ ಅಧ್ಯಕ್ಷರಾದ ಲೋಕೇಶ್ ಅವರು ಶಾರದಾದೇವಿಯ ಭಾವಚಿತ್ರಕ್ಕೆ ಪುಷ್ಪಾರ್ಚನೆ ಮಾಡುವ ಮೂಲಕ ಚಾಲನೆ ನೀಡಿದರು. ಕಾರ್ಯಕ್ರಮದಲ್ಲಿ ಮುಖ್ಯೋಪಾಧ್ಯಾಯರಾದ ರವಿಕುಮಾರ್ ಮಾತನಾಡಿ ನಮ್ಮ ಶಾಲೆಯಲ್ಲಿ ಸುಮಾರು 9ವರ್ಷಗಳಿಂದ ಸೇವೆ ಸಲ್ಲಿಸಿದ ಶಿಕ್ಷಕರು ವರ್ಗಾವಣೆಯಾಗಿರುವುದು ದುಃಖದ ವಿಷಯವಾದರೂ, ಅವರ ಸೇವೆಯನ್ನು ಸ್ಮರಿಸಿಕೊಳ್ಳಬೇಕು ಎಂದು ತಿಳಿಸಿದರು. ಶಾಲಾ ಮಕ್ಕಳಿಗೆ ಓದಿಗೆ ಸಹಕಾರ ನೀಡಿ ಎಲ್ಲರೂ ಪರೀಕ್ಷೆಯಲ್ಲಿ ಉತ್ತಮ ಅಂಕ ಗಳಿಸಿ ಎಂದು ಶುಭ ಹಾರೈಸಿದರು.

ಬಿಳ್ಕೋಡುಗೆ ಸಮಾರಂಭ:

ಸರ್ಕಾರಿ ಹಿರಿಯ ಪ್ರಾಥಮಿಕ ಶಾಲೆಯಲ್ಲಿ ಶಾರದಾ ಪೂಜೆ ಕಾರ್ಯಕ್ರಮದಲ್ಲಿ ಶಾಲಾಭಿವೃದ್ಧಿ ಸಮಿತಿಯ ಅಧ್ಯಕ್ಷರಾದ ಲೋಕೇಶ್ ಅವರು ಸುಮಾರು 9ವರ್ಷಗಳಿಂದ ಸೇವೆ ಸಲ್ಲಿಸಿದ ಶಿಕ್ಷಕರನ್ನು ಸನ್ಮಾನಿಸಿದರು. ಅಂಗನವಾಡಿ ಶಿಕ್ಷಕರು ಹಾಗೂ ಆಡಳಿತ ಸಿಬ್ಬಂದಿಗಳಿಗೆ ಗೌರವಿಸಲಾಯಿತು.

ಶಾಲಾಭಿವೃದ್ಧಿ ಸಮಿತಿಯ ಅಧ್ಯಕ್ಷರಾದ ಲೋಕೇಶ್.ವಿ ಮಾತನಾಡಿ ಮಕ್ಕಳ ಶಿಕ್ಷಣದ ವಿಚಾರದಲ್ಲಿ ಪೋಷಕರು ಹೆಚ್ಚಿನ ಗಮನ ಹರಿಸಬೇಕು. ಶಾಲೆಯ ಅಭಿವೃದ್ಧಿಗೆ ಎಲ್ಲರ ಸಹಕಾರ ಅಗತ್ಯ ಎಂದರು. ಎಸ್.ಡಿ.ಎಂ.ಸಿ ಸದಸ್ಯರಾದ ಶಿವಣ್ಣ, ಮಂಜುನಾಥ್, ಗ್ರಾಮದ ಮುಖಂಡರು, ಪೋಷಕರು ಹಾಗೂ ಶಾಲಾ ಸಿಬ್ಬಂದಿಗಳು ಉಪಸ್ಥಿತರಿದ್ದರು.

ಶಾಲೆಯ ಪರವಾಗಿ ನಾನು ಸಂಪೂರ್ಣ ಸಹಕಾರ ನೀಡುತ್ತೇನೆ ಎಂದರು. ಅಂಗನವಾಡಿ ಶಿಕ್ಷಕಿ ವರಲಕ್ಷ್ಮಿ, ಆರೋಗ್ಯ ಇಲಾಖೆಯ ಶಿಬ್ಬಂದಿಗಳು ಹಾಗೂ ಎಸ್.ಡಿ.ಎಂ.ಸಿ ಸದಸ್ಯರು ಉಪಸ್ಥಿತರಿದ್ದರು.

ಮೊದಲನೇ ಪುಟದಿಂದ...
ಎಲ್ಲಾ ರೈತರಿಗೆ ಸಾಲ ಕೊಡಲಾಗಲ್ಲ: ರಾಜಣ್ಣ

ಬೆಳೆ ಸಾಲ ಮಿತಿಯನ್ನು 3 ಲಕ್ಷದಿಂದ 10 ಲಕ್ಷಕ್ಕೆ ಏರಿಸುವ ಭರವಸೆ ನೀಡಲಾಗಿತ್ತು. ಆದರೆ 5 ಲಕ್ಷಕ್ಕೆ ಮಾತ್ರ ಹೆಚ್ಚಳ ಮಾಡಲಾಗಿದೆ. ಶೂನ್ಯ ಬಡ್ಡಿಯಲ್ಲಿ 10 ಲಕ್ಷ ಮತ್ತು 15 ಲಕ್ಷ ಸಾಲ ಕೊಡೋಣ ಎಂದರು. ಸಹಕಾರ ಸಚಿವ ರಾಜಣ್ಣ ಉತ್ತರ ನೀಡಿದರು. 2023-24ನೇ ಸಾಲಿನಲ್ಲಿ ಶೂನ್ಯ ಬಡ್ಡಿ ದರದಲ್ಲಿ ಒಟ್ಟು 6,744 ರೈತರಿಗೆ 290.51 ಕೋಟಿ ಸಾಲ ನೀಡಲಾಗಿದೆ. 2024-25ರಲ್ಲಿ 13,689 ರೈತರಿಗೆ 589.12 ಕೋಟಿ ಸಾಲ ನೀಡಲಾಗಿದೆ. ಎಲ್ಲಾ ರೈತರಿಗೆ ಸಾಲ ಕೊಡಲು ಸಾಧ್ಯವಿಲ್ಲ. ನಬಾರ್ಡ್ ಅನುದಾನ ಕಡಿತ ಮಾಡಿರುವುದರಿಂದ ಸಮಸ್ಯೆ ಆಗಿದೆ. ಹೀಗಾಗಿ ಕೇಂದ್ರ ಸರ್ಕಾರದ ಮೇಲೆ ಒತ್ತಡ ಹೇರಬೇಕು ಎಂದರು. ಕರ್ನಾಟಕಕ್ಕೆ ನಬಾರ್ಡ್ ಅಡಿ ಹಣ ಕಡಿತ ಮಾಡಲಾಗಿದೆ. ಸಹಕಾರ ಬ್ಯಾಂಕ್‌ಗಳ ಮೂಲಕ ರೈತರಿಗೆ ಸಾಲ ವಿತರಣೆ ಮುಂದುವರೆಯಲಿದೆ ಎಂದು ತಿಳಿಸಿದರು.

22ರಂದು ರಾಜ್ಯ ಬಂದ್ ಖಚಿತ

ಬೆಳಗಾವಿಯಲ್ಲಿ ಬಸ್ ಕಂಡಕ್ಟರ್ ಮೇಲೆ ನಡೆದ ಹಲ್ಲೆ ಖಂಡಿಸಿ ಕನ್ನಡಪರ ಸಂಘಟನೆಗಳು ರಾಜ್ಯ ಬಂದ್‌ಗೆ ಕರೆ ನೀಡಿವೆ. ಇದು ಕನ್ನಡ ಪರ ಹೋರಾಟ ಎಂದು ವಾಟಾಳ್ ನಾಗರಾಜ್ ಹೇಳಿದ್ದಾರೆ. ಮಾರ್ಚ್ 22ರಂದು ಬಂದ್ ಮಾಡುವುದು ಖಚಿತ. ಎಲ್ಲಾ ಸಂಘಟನೆಗಳು ಬೆಂಬಲ ನೀಡಬೇಕು ಎಂದು ಮನವಿ ಮಾಡಿದರು. ಕನ್ನಡ ಸಂಘಟನೆಗಳು ಜಾಥಾ ನಡೆಸಿ ನ್ಯಾಯ ಕೇಳಲಿವೆ ಎಂದರು.

ಮೊದಲನೇ ಪುಟದಿಂದ...
'ಅಪು' ಜೀವನ ಚರಿತ್ರೆ, ಪುಸ್ತಕ

ಪುಸ್ತಕ ಬಿಡುಗಡೆ ಸಮಾರಂಭದಲ್ಲಿ ಪುನೀತ್ ಅವರ ಅಭಿಮಾನಿಗಳು ಜೊತೆ ಸೇರಿದ್ದರು. ಈ ಪುಸ್ತಕದಲ್ಲಿ ಅಪ್ಪು ಅವರ ಜೀವನದ ಹಲವು ಸಂಗತಿಗಳನ್ನು ದಾಖಲಿಸಲಾಗಿದೆ. ಅಭಿಮಾನಿಗಳಿಗೆ ಇದು ವಿಶೇಷ ಕಾಣಿಕೆ ಎಂದರು.

ವಿಪಕ್ಷಗಳ ಮಾತಿಗೂ ಅವಕಾಶವಿಲ್ಲ: ರಾಗಾ

ಸಂಪ್ರದಾಯವು, ಪ್ರಜಾಪ್ರಭುತ್ವ ಮತ್ತು ಸಂಸತ್ತಿನ ಘನತೆ ಉಳಿಯಬೇಕು. ಆದರೆ, ಸಭಾಧ್ಯಕ್ಷರು ವಿಪಕ್ಷಗಳಿಗೆ ಅವಕಾಶ ನೀಡುತ್ತಿಲ್ಲ ಎಂದು ರಾಹುಲ್ ಗಾಂಧಿ ಆರೋಪಿಸಿದರು.

ಸದನ ಮುಂದೂಡಿಕೆ

ಗದ್ದಲ ಉಂಟಾಗಿದ್ದರಿಂದ ಕಲಾಪವನ್ನು ಮುಂದೂಡಲಾಯಿತು. ಪ್ರಯಾಗ್‌ರಾಜ್ ಮಹಾಕುಂಭದ ಕುರಿತು ಪ್ರಧಾನಿ ಮೋದಿ ಹೇಳಿಕೆ ನೀಡಿದರು. ವಿಪಕ್ಷಗಳು ಚರ್ಚೆಗೆ ಅವಕಾಶ ಕೋರಿದವು. ಸಭಾಧ್ಯಕ್ಷರು ಅವಕಾಶ ನಿರಾಕರಿಸಿದ್ದರಿಂದ ಗದ್ದಲ ಉಂಟಾಯಿತು.
